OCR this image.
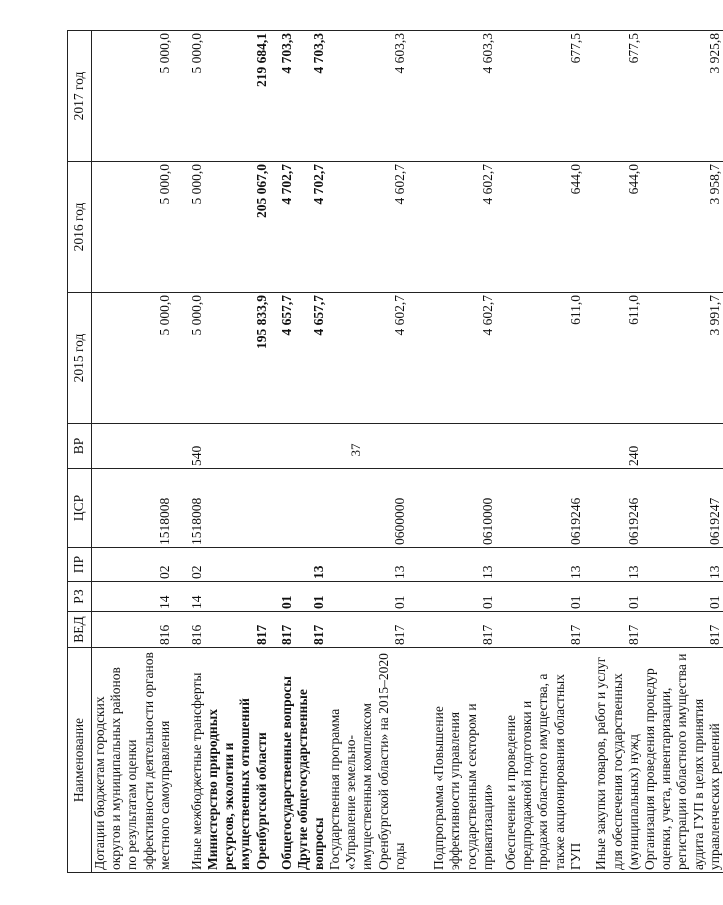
37
Наименование	ВЕД	РЗ	ПР	ЦСР	ВР	2015 год	2016 год	2017 год
Дотации бюджетам городских округов и муниципальных районов по результатам оценки эффективности деятельности органов местного самоуправления	816	14	02	1518008		5 000,0	5 000,0	5 000,0
Иные межбюджетные трансферты	816	14	02	1518008	540	5 000,0	5 000,0	5 000,0
Министерство природных ресурсов, экологии и имущественных отношений Оренбургской области	817					195 833,9	205 067,0	219 684,1
Общегосударственные вопросы	817	01				4 657,7	4 702,7	4 703,3
Другие общегосударственные вопросы	817	01	13			4 657,7	4 702,7	4 703,3
Государственная программа «Управление земельно-имущественным комплексом Оренбургской области» на 2015–2020 годы	817	01	13	0600000		4 602,7	4 602,7	4 603,3
Подпрограмма «Повышение эффективности управления государственным сектором и приватизации»	817	01	13	0610000		4 602,7	4 602,7	4 603,3
Обеспечение и проведение предпродажной подготовки и продажи областного имущества, а также акционирования областных ГУП	817	01	13	0619246		611,0	644,0	677,5
Иные закупки товаров, работ и услуг для обеспечения государственных (муниципальных) нужд	817	01	13	0619246	240	611,0	644,0	677,5
Организация проведения процедур оценки, учета, инвентаризации, регистрации областного имущества и аудита ГУП в целях принятия управленческих решений	817	01	13	0619247		3 991,7	3 958,7	3 925,8
